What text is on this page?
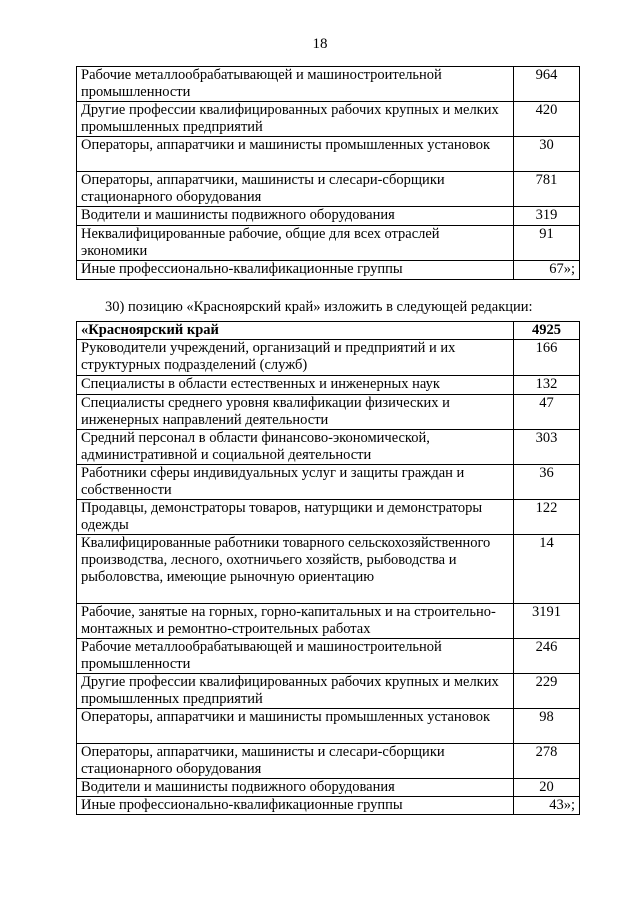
18
Рабочие металлообрабатывающей и машиностроительной промышленности	964
Другие профессии квалифицированных рабочих крупных и мелких промышленных предприятий	420
Операторы, аппаратчики и машинисты промышленных установок	30
Операторы, аппаратчики, машинисты и слесари-сборщики стационарного оборудования	781
Водители и машинисты подвижного оборудования	319
Неквалифицированные рабочие, общие для всех отраслей экономики	91
Иные профессионально-квалификационные группы	67»;
30) позицию «Красноярский край» изложить в следующей редакции:
«Красноярский край	4925
Руководители учреждений, организаций и предприятий и их структурных подразделений (служб)	166
Специалисты в области естественных и инженерных наук	132
Специалисты среднего уровня квалификации физических и инженерных направлений деятельности	47
Средний персонал в области финансово-экономической, административной и социальной деятельности	303
Работники сферы индивидуальных услуг и защиты граждан и собственности	36
Продавцы, демонстраторы товаров, натурщики и демонстраторы одежды	122
Квалифицированные работники товарного сельскохозяйственного производства, лесного, охотничьего хозяйств, рыбоводства и рыболовства, имеющие рыночную ориентацию	14
Рабочие, занятые на горных, горно-капитальных и на строительно-монтажных и ремонтно-строительных работах	3191
Рабочие металлообрабатывающей и машиностроительной промышленности	246
Другие профессии квалифицированных рабочих крупных и мелких промышленных предприятий	229
Операторы, аппаратчики и машинисты промышленных установок	98
Операторы, аппаратчики, машинисты и слесари-сборщики стационарного оборудования	278
Водители и машинисты подвижного оборудования	20
Иные профессионально-квалификационные группы	43»;
